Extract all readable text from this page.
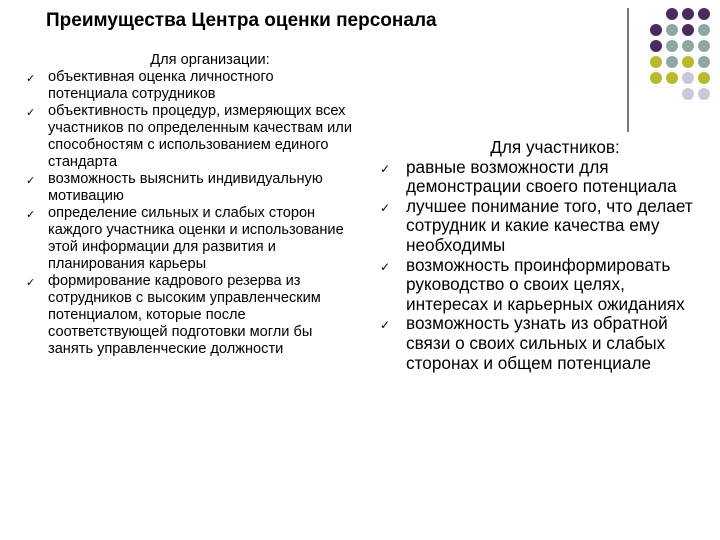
Преимущества Центра оценки персонала
Для организации:
✓ объективная оценка личностного потенциала сотрудников
✓ объективность процедур, измеряющих всех участников по определенным качествам или способностям с использованием единого стандарта
✓ возможность выяснить индивидуальную мотивацию
✓ определение сильных и слабых сторон каждого участника оценки и использование этой информации для развития и планирования карьеры
✓ формирование кадрового резерва из сотрудников с высоким управленческим потенциалом, которые после соответствующей подготовки могли бы занять управленческие должности
Для участников:
✓ равные возможности для демонстрации своего потенциала
✓ лучшее понимание того, что делает сотрудник и какие качества ему необходимы
✓ возможность проинформировать руководство о своих целях, интересах и карьерных ожиданиях
✓ возможность узнать из обратной связи о своих сильных и слабых сторонах и общем потенциале
